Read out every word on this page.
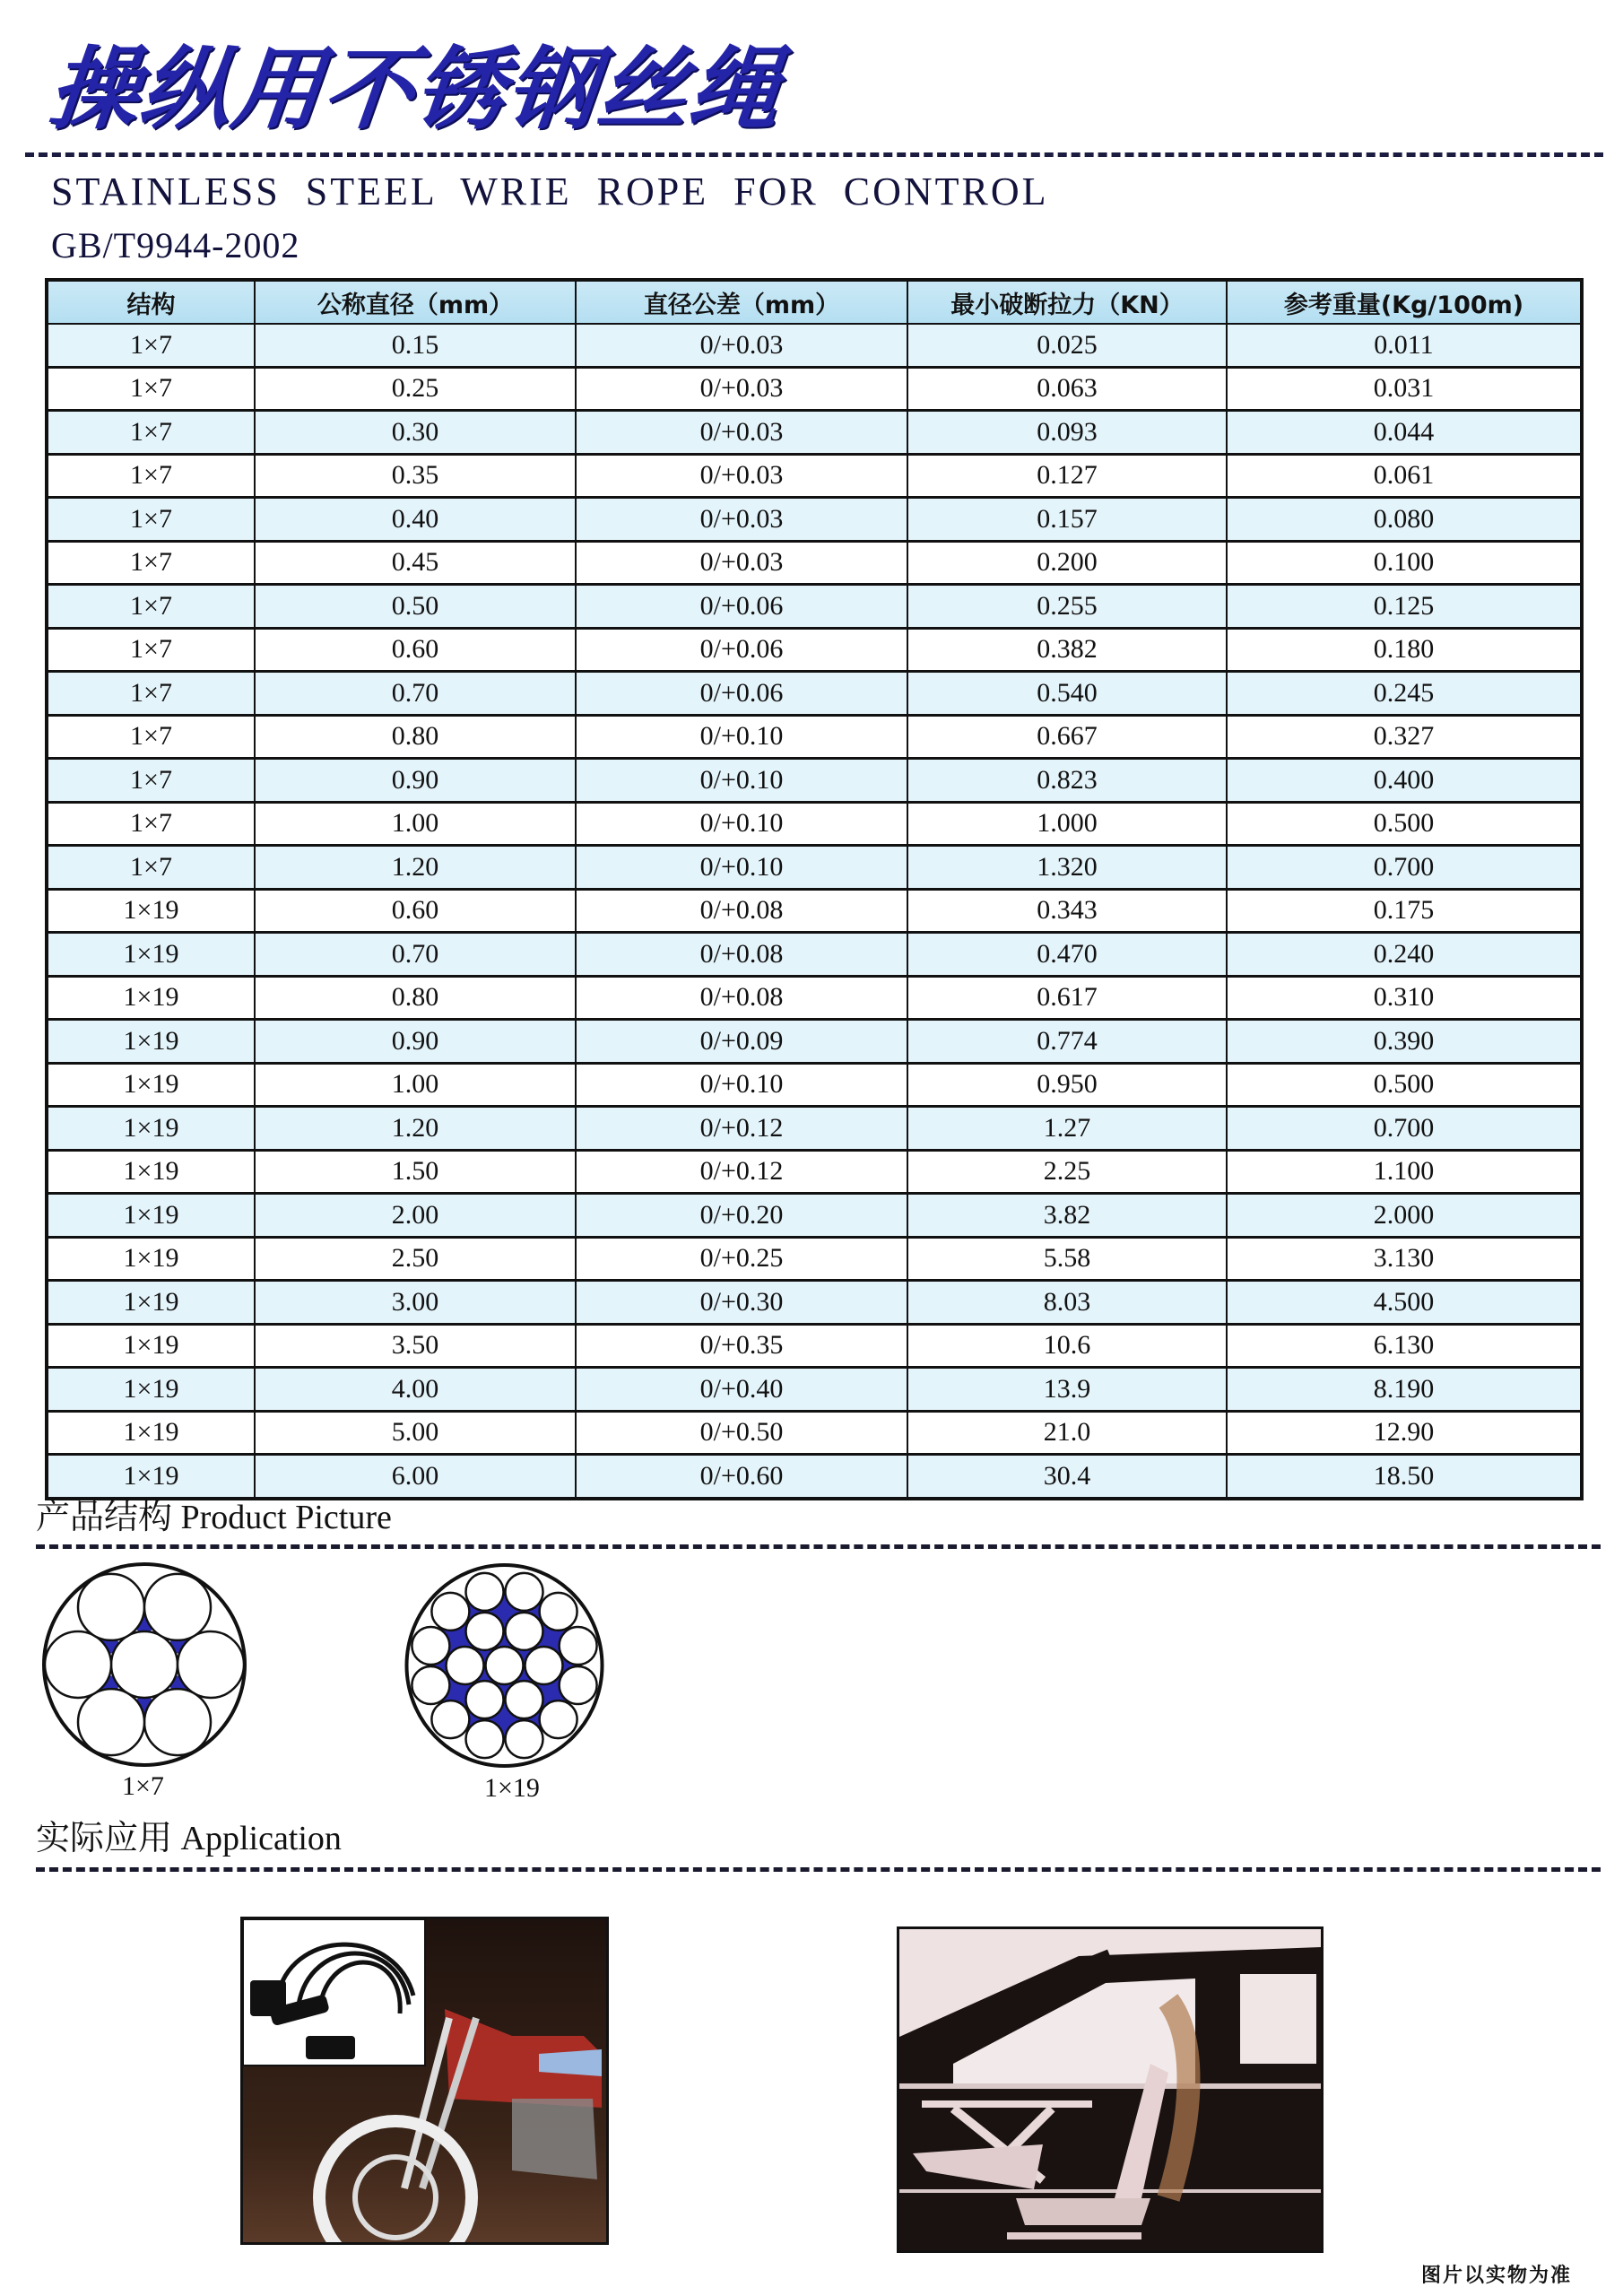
操纵用不锈钢丝绳
STAINLESS STEEL WRIE ROPE FOR CONTROL
GB/T9944-2002
结构	公称直径（mm）	直径公差（mm）	最小破断拉力（KN）	参考重量(Kg/100m)
1×7	0.15	0/+0.03	0.025	0.011
1×7	0.25	0/+0.03	0.063	0.031
1×7	0.30	0/+0.03	0.093	0.044
1×7	0.35	0/+0.03	0.127	0.061
1×7	0.40	0/+0.03	0.157	0.080
1×7	0.45	0/+0.03	0.200	0.100
1×7	0.50	0/+0.06	0.255	0.125
1×7	0.60	0/+0.06	0.382	0.180
1×7	0.70	0/+0.06	0.540	0.245
1×7	0.80	0/+0.10	0.667	0.327
1×7	0.90	0/+0.10	0.823	0.400
1×7	1.00	0/+0.10	1.000	0.500
1×7	1.20	0/+0.10	1.320	0.700
1×19	0.60	0/+0.08	0.343	0.175
1×19	0.70	0/+0.08	0.470	0.240
1×19	0.80	0/+0.08	0.617	0.310
1×19	0.90	0/+0.09	0.774	0.390
1×19	1.00	0/+0.10	0.950	0.500
1×19	1.20	0/+0.12	1.27	0.700
1×19	1.50	0/+0.12	2.25	1.100
1×19	2.00	0/+0.20	3.82	2.000
1×19	2.50	0/+0.25	5.58	3.130
1×19	3.00	0/+0.30	8.03	4.500
1×19	3.50	0/+0.35	10.6	6.130
1×19	4.00	0/+0.40	13.9	8.190
1×19	5.00	0/+0.50	21.0	12.90
1×19	6.00	0/+0.60	30.4	18.50
产品结构 Product Picture
1×7	1×19
实际应用 Application
图片以实物为准
